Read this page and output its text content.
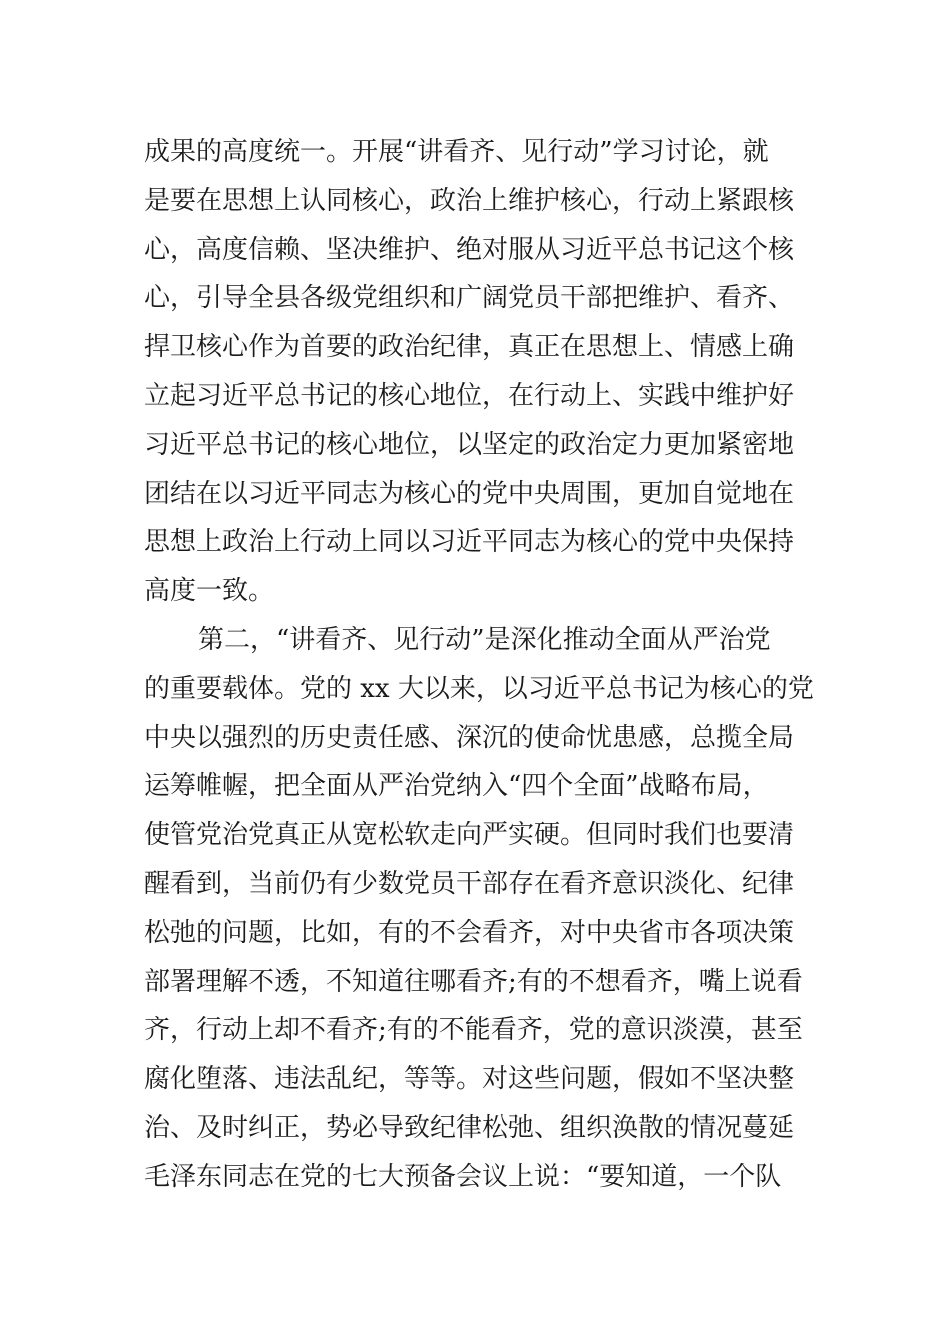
成果的高度统一。开展“讲看齐、见行动”学习讨论，就
是要在思想上认同核心，政治上维护核心，行动上紧跟核
心，高度信赖、坚决维护、绝对服从习近平总书记这个核
心，引导全县各级党组织和广阔党员干部把维护、看齐、
捍卫核心作为首要的政治纪律，真正在思想上、情感上确
立起习近平总书记的核心地位，在行动上、实践中维护好
习近平总书记的核心地位，以坚定的政治定力更加紧密地
团结在以习近平同志为核心的党中央周围，更加自觉地在
思想上政治上行动上同以习近平同志为核心的党中央保持
高度一致。
第二，“讲看齐、见行动”是深化推动全面从严治党
的重要载体。党的 xx 大以来，以习近平总书记为核心的党
中央以强烈的历史责任感、深沉的使命忧患感，总揽全局
运筹帷幄，把全面从严治党纳入“四个全面”战略布局，
使管党治党真正从宽松软走向严实硬。但同时我们也要清
醒看到，当前仍有少数党员干部存在看齐意识淡化、纪律
松弛的问题，比如，有的不会看齐，对中央省市各项决策
部署理解不透，不知道往哪看齐;有的不想看齐，嘴上说看
齐，行动上却不看齐;有的不能看齐，党的意识淡漠，甚至
腐化堕落、违法乱纪，等等。对这些问题，假如不坚决整
治、及时纠正，势必导致纪律松弛、组织涣散的情况蔓延
毛泽东同志在党的七大预备会议上说：“要知道，一个队
